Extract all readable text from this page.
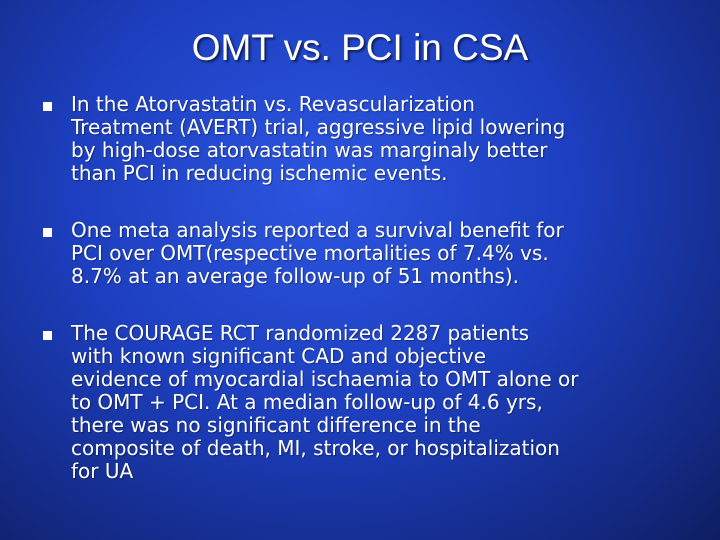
OMT vs. PCI in CSA
In the Atorvastatin vs. Revascularization
Treatment (AVERT) trial, aggressive lipid lowering
by high-dose atorvastatin was marginaly better
than PCI in reducing ischemic events.
One meta analysis reported a survival benefit for
PCI over OMT(respective mortalities of 7.4% vs.
8.7% at an average follow-up of 51 months).
The COURAGE RCT randomized 2287 patients
with known significant CAD and objective
evidence of myocardial ischaemia to OMT alone or
to OMT + PCI. At a median follow-up of 4.6 yrs,
there was no significant difference in the
composite of death, MI, stroke, or hospitalization
for UA
